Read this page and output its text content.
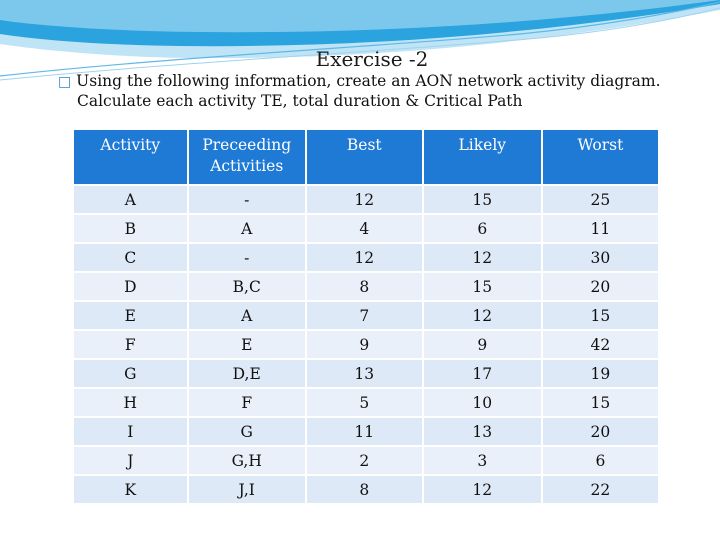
Exercise -2
□ Using the following information, create an AON network activity diagram.
Calculate each activity TE, total duration & Critical Path
Activity	Preceeding Activities	Best	Likely	Worst
A	-	12	15	25
B	A	4	6	11
C	-	12	12	30
D	B,C	8	15	20
E	A	7	12	15
F	E	9	9	42
G	D,E	13	17	19
H	F	5	10	15
I	G	11	13	20
J	G,H	2	3	6
K	J,I	8	12	22
